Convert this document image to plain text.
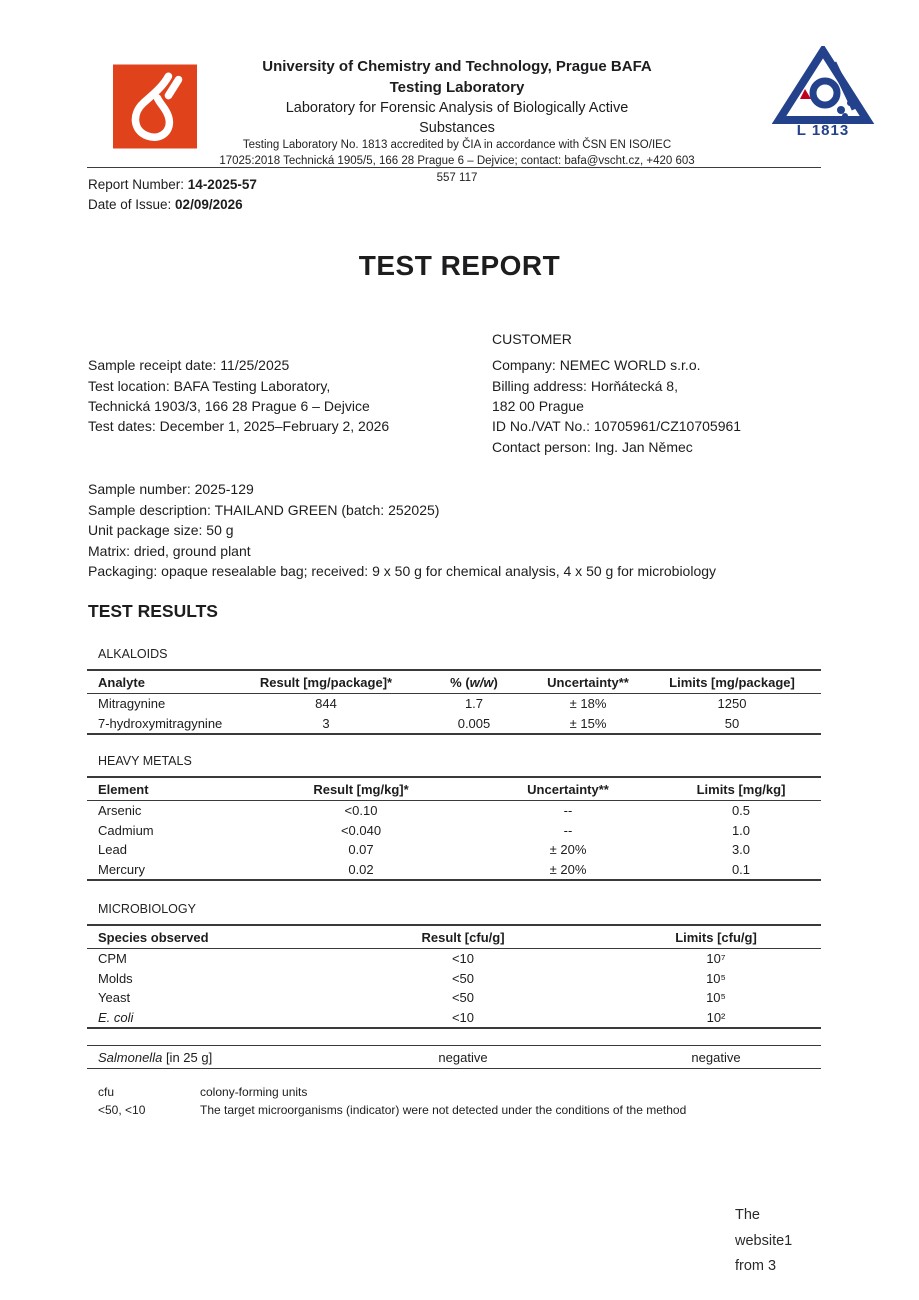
University of Chemistry and Technology, Prague BAFA
Testing Laboratory
Laboratory for Forensic Analysis of Biologically Active
Substances
Testing Laboratory No. 1813 accredited by ČIA in accordance with ČSN EN ISO/IEC
17025:2018 Technická 1905/5, 166 28 Prague 6 – Dejvice; contact: bafa@vscht.cz, +420 603
557 117
L 1813
Report Number: 14-2025-57
Date of Issue: 02/09/2026
TEST REPORT
CUSTOMER
Sample receipt date: 11/25/2025
Test location: BAFA Testing Laboratory,
Technická 1903/3, 166 28 Prague 6 – Dejvice
Test dates: December 1, 2025–February 2, 2026
Company: NEMEC WORLD s.r.o.
Billing address: Horňátecká 8,
182 00 Prague
ID No./VAT No.: 10705961/CZ10705961
Contact person: Ing. Jan Němec
Sample number: 2025-129
Sample description: THAILAND GREEN (batch: 252025)
Unit package size: 50 g
Matrix: dried, ground plant
Packaging: opaque resealable bag; received: 9 x 50 g for chemical analysis, 4 x 50 g for microbiology
TEST RESULTS
ALKALOIDS
Analyte	Result [mg/package]*	% (w/w)	Uncertainty**	Limits [mg/package]
Mitragynine	844	1.7	± 18%	1250
7-hydroxymitragynine	3	0.005	± 15%	50
HEAVY METALS
Element	Result [mg/kg]*	Uncertainty**	Limits [mg/kg]
Arsenic	<0.10	--	0.5
Cadmium	<0.040	--	1.0
Lead	0.07	± 20%	3.0
Mercury	0.02	± 20%	0.1
MICROBIOLOGY
Species observed	Result [cfu/g]	Limits [cfu/g]
CPM	<10	10⁷
Molds	<50	10⁵
Yeast	<50	10⁵
E. coli	<10	10²
Salmonella [in 25 g]	negative	negative
cfu	colony-forming units
<50, <10	The target microorganisms (indicator) were not detected under the conditions of the method
The
website1
from 3
